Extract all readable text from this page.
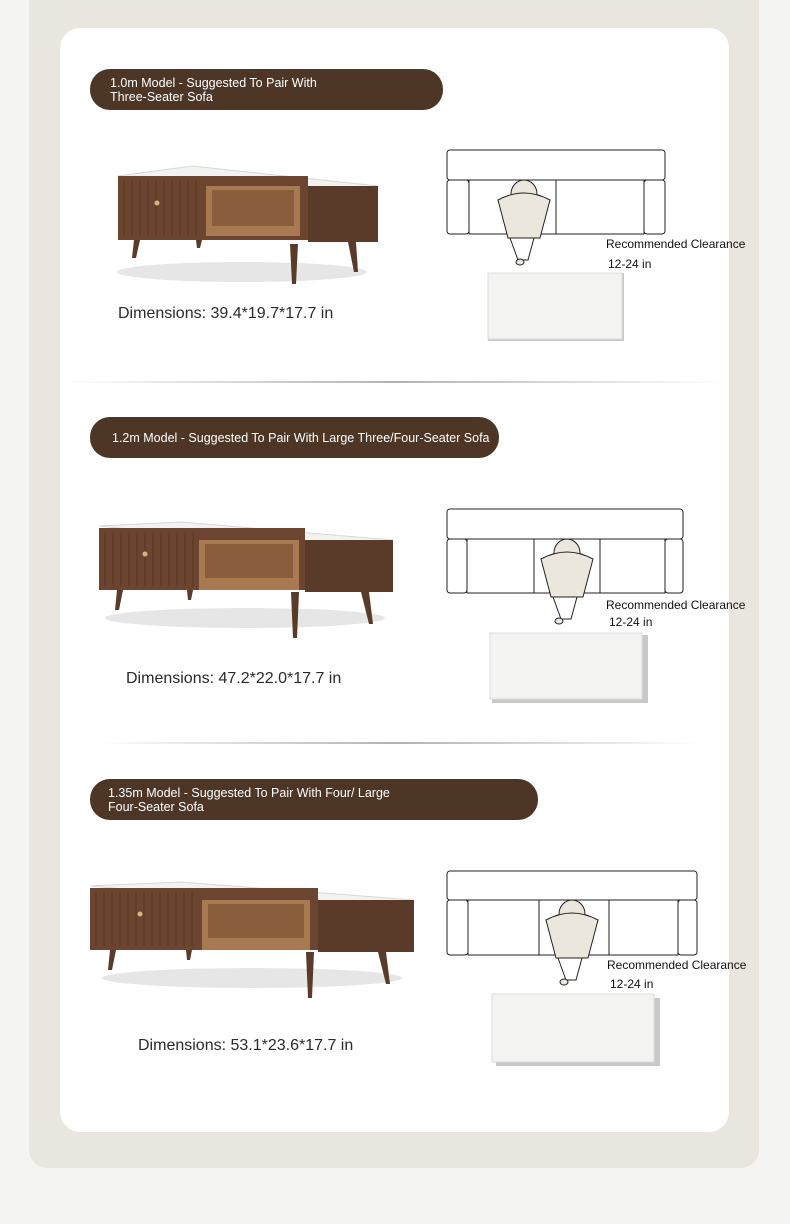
1.0m Model - Suggested To Pair With
Three-Seater Sofa
Dimensions: 39.4*19.7*17.7 in
Recommended Clearance
12-24 in
1.2m Model - Suggested To Pair With Large Three/Four-Seater Sofa
Dimensions: 47.2*22.0*17.7 in
Recommended Clearance
12-24 in
1.35m Model - Suggested To Pair With Four/ Large
Four-Seater Sofa
Dimensions: 53.1*23.6*17.7 in
Recommended Clearance
12-24 in
